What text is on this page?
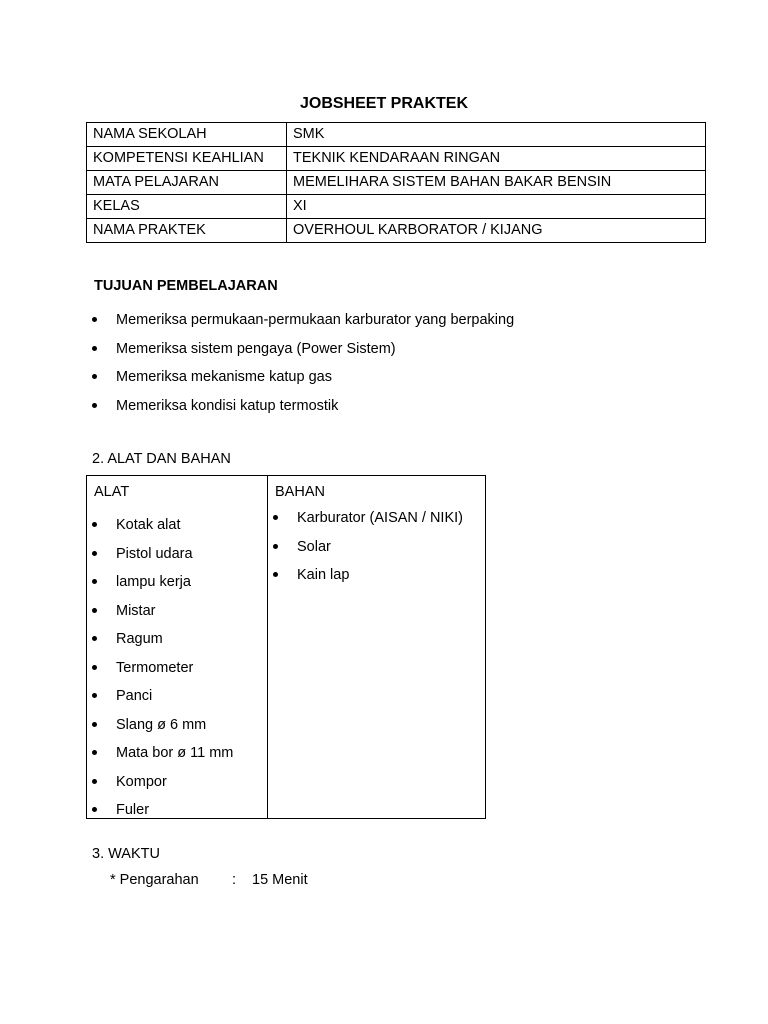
JOBSHEET PRAKTEK
NAMA SEKOLAH	SMK
KOMPETENSI KEAHLIAN	TEKNIK KENDARAAN RINGAN
MATA PELAJARAN	MEMELIHARA SISTEM BAHAN BAKAR BENSIN
KELAS	XI
NAMA PRAKTEK	OVERHOUL KARBORATOR / KIJANG
TUJUAN PEMBELAJARAN
Memeriksa permukaan-permukaan karburator yang berpaking
Memeriksa sistem pengaya (Power Sistem)
Memeriksa mekanisme katup gas
Memeriksa kondisi katup termostik
2. ALAT DAN BAHAN
ALAT
Kotak alat
Pistol udara
lampu kerja
Mistar
Ragum
Termometer
Panci
Slang ø 6 mm
Mata bor ø 11 mm
Kompor
Fuler
BAHAN
Karburator (AISAN / NIKI)
Solar
Kain lap
3. WAKTU
* Pengarahan : 15 Menit
